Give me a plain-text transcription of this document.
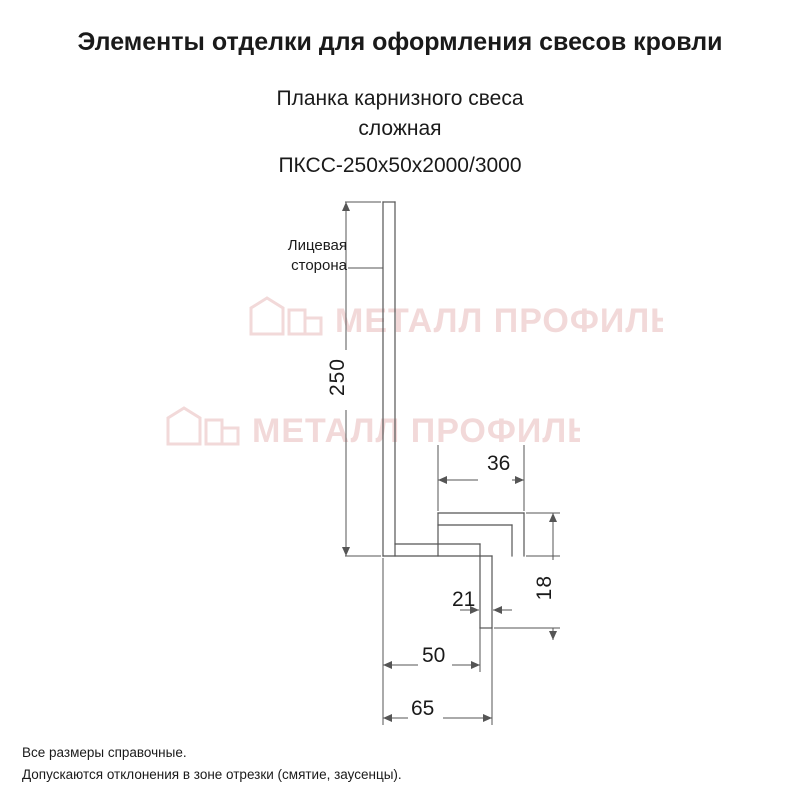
Элементы отделки для оформления свесов кровли
Планка карнизного свеса
сложная
ПКСС-250x50x2000/3000
МЕТАЛЛ ПРОФИЛЬ
МЕТАЛЛ ПРОФИЛЬ
Лицевая
сторона
250
36
21
50
65
18
Все размеры справочные.
Допускаются отклонения в зоне отрезки (смятие, заусенцы).
